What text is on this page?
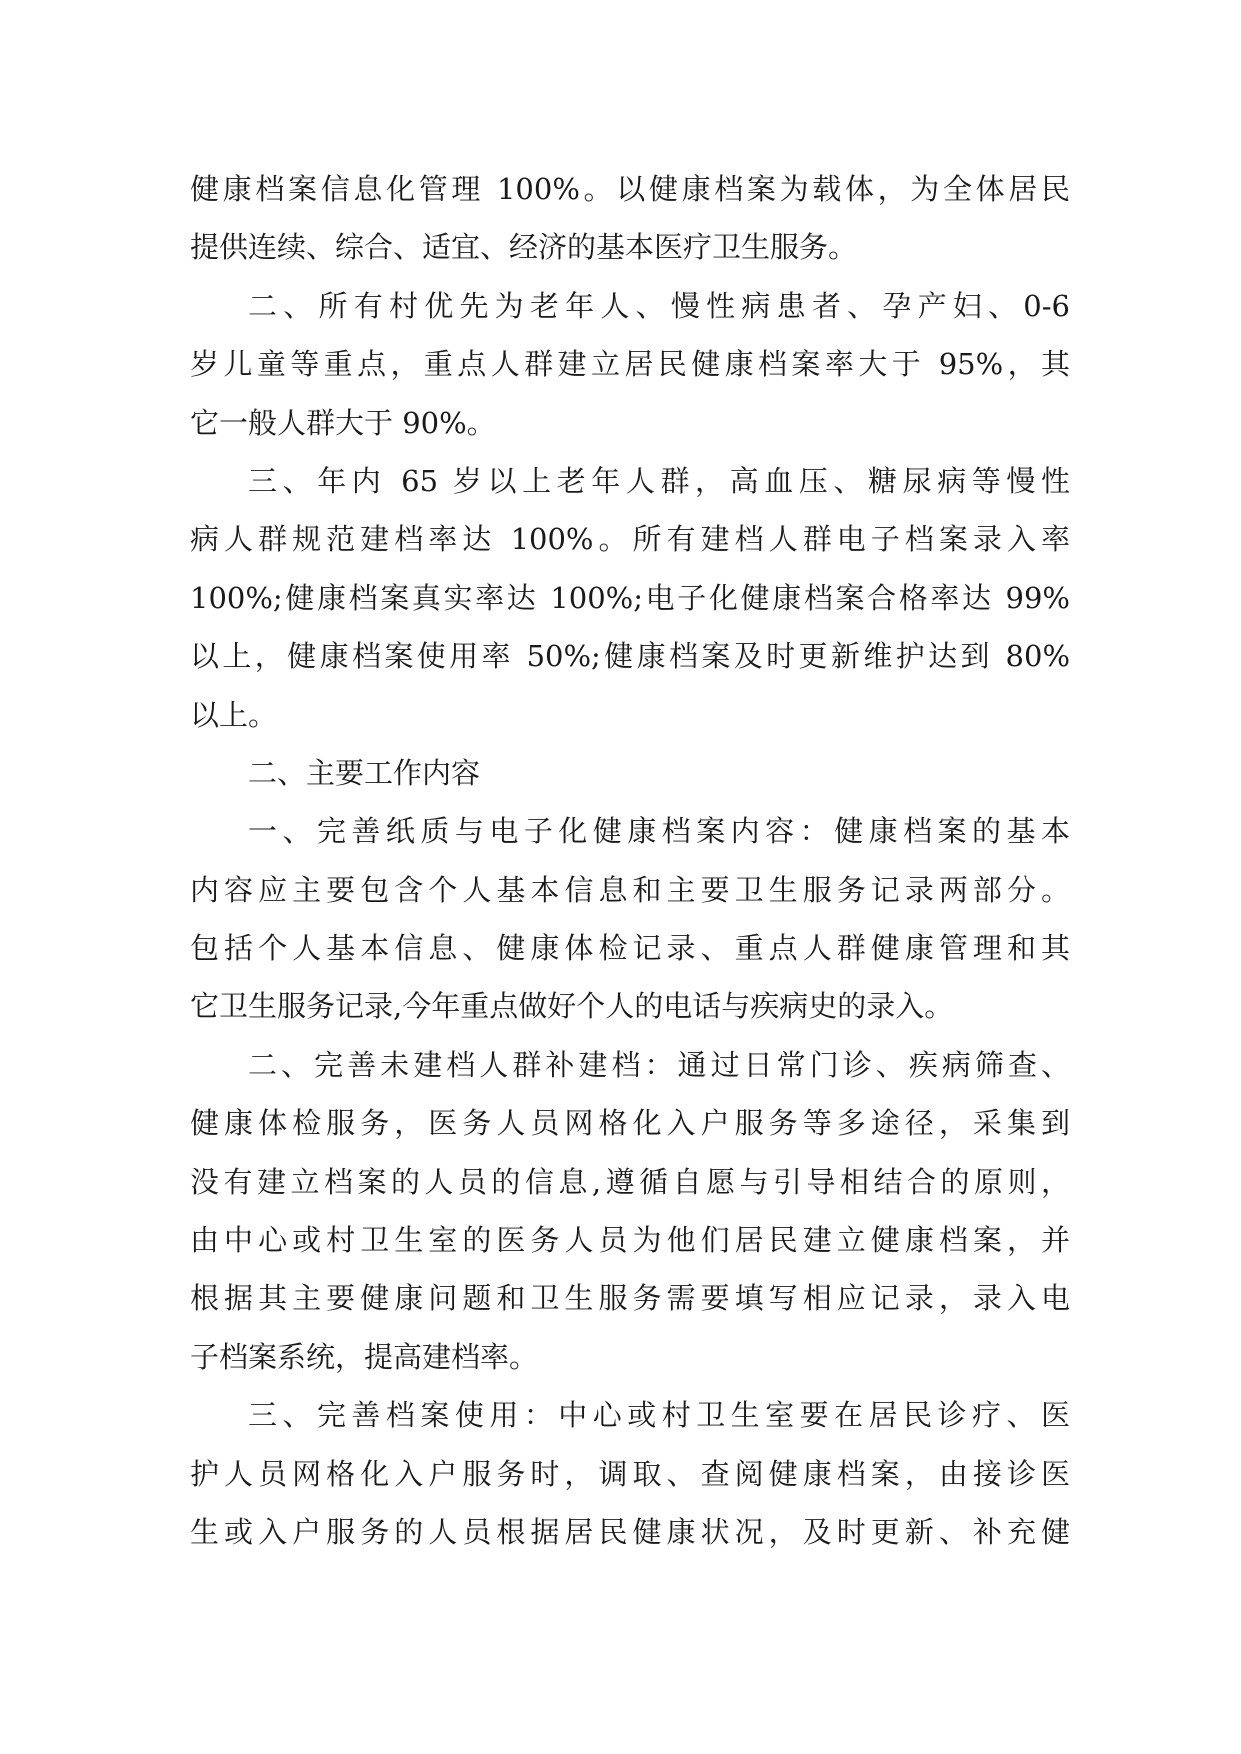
健康档案信息化管理 100%。以健康档案为载体，为全体居民
提供连续、综合、适宜、经济的基本医疗卫生服务。
二、所有村优先为老年人、慢性病患者、孕产妇、0-6
岁儿童等重点，重点人群建立居民健康档案率大于 95%，其
它一般人群大于 90%。
三、年内 65 岁以上老年人群，高血压、糖尿病等慢性
病人群规范建档率达 100%。所有建档人群电子档案录入率
100%;健康档案真实率达 100%;电子化健康档案合格率达 99%
以上，健康档案使用率 50%;健康档案及时更新维护达到 80%
以上。
二、主要工作内容
一、完善纸质与电子化健康档案内容：健康档案的基本
内容应主要包含个人基本信息和主要卫生服务记录两部分。
包括个人基本信息、健康体检记录、重点人群健康管理和其
它卫生服务记录,今年重点做好个人的电话与疾病史的录入。
二、完善未建档人群补建档：通过日常门诊、疾病筛查、
健康体检服务，医务人员网格化入户服务等多途径，采集到
没有建立档案的人员的信息,遵循自愿与引导相结合的原则，
由中心或村卫生室的医务人员为他们居民建立健康档案，并
根据其主要健康问题和卫生服务需要填写相应记录，录入电
子档案系统，提高建档率。
三、完善档案使用：中心或村卫生室要在居民诊疗、医
护人员网格化入户服务时，调取、查阅健康档案，由接诊医
生或入户服务的人员根据居民健康状况，及时更新、补充健
